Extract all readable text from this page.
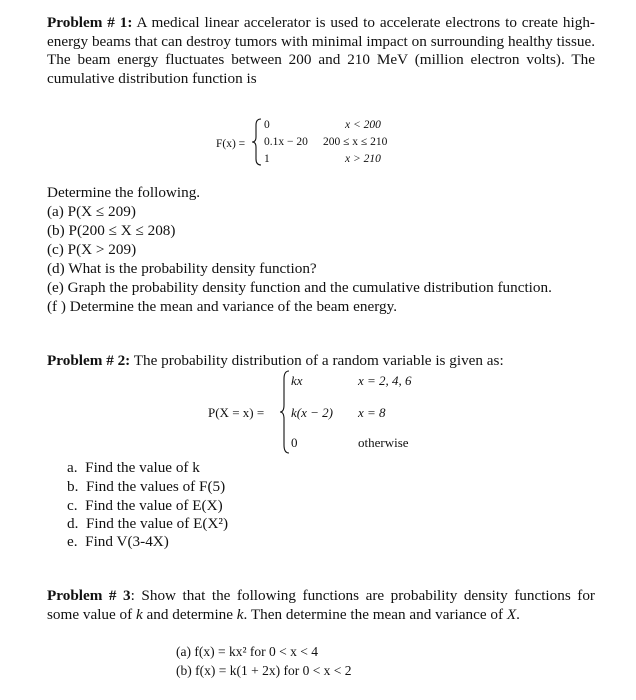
Problem # 1: A medical linear accelerator is used to accelerate electrons to create high-energy beams that can destroy tumors with minimal impact on surrounding healthy tissue. The beam energy fluctuates between 200 and 210 MeV (million electron volts). The cumulative distribution function is
F(x) =
0
0.1x − 20
1
x < 200
200 ≤ x ≤ 210
x > 210
Determine the following.
(a) P(X ≤ 209)
(b) P(200 ≤ X ≤ 208)
(c) P(X > 209)
(d) What is the probability density function?
(e) Graph the probability density function and the cumulative distribution function.
(f ) Determine the mean and variance of the beam energy.
Problem # 2: The probability distribution of a random variable is given as:
P(X = x) =
kx
k(x − 2)
0
x = 2, 4, 6
x = 8
otherwise
a. Find the value of k
b. Find the values of F(5)
c. Find the value of E(X)
d. Find the value of E(X²)
e. Find V(3-4X)
Problem # 3: Show that the following functions are probability density functions for some value of k and determine k. Then determine the mean and variance of X.
(a) f(x) = kx² for 0 < x < 4
(b) f(x) = k(1 + 2x) for 0 < x < 2
